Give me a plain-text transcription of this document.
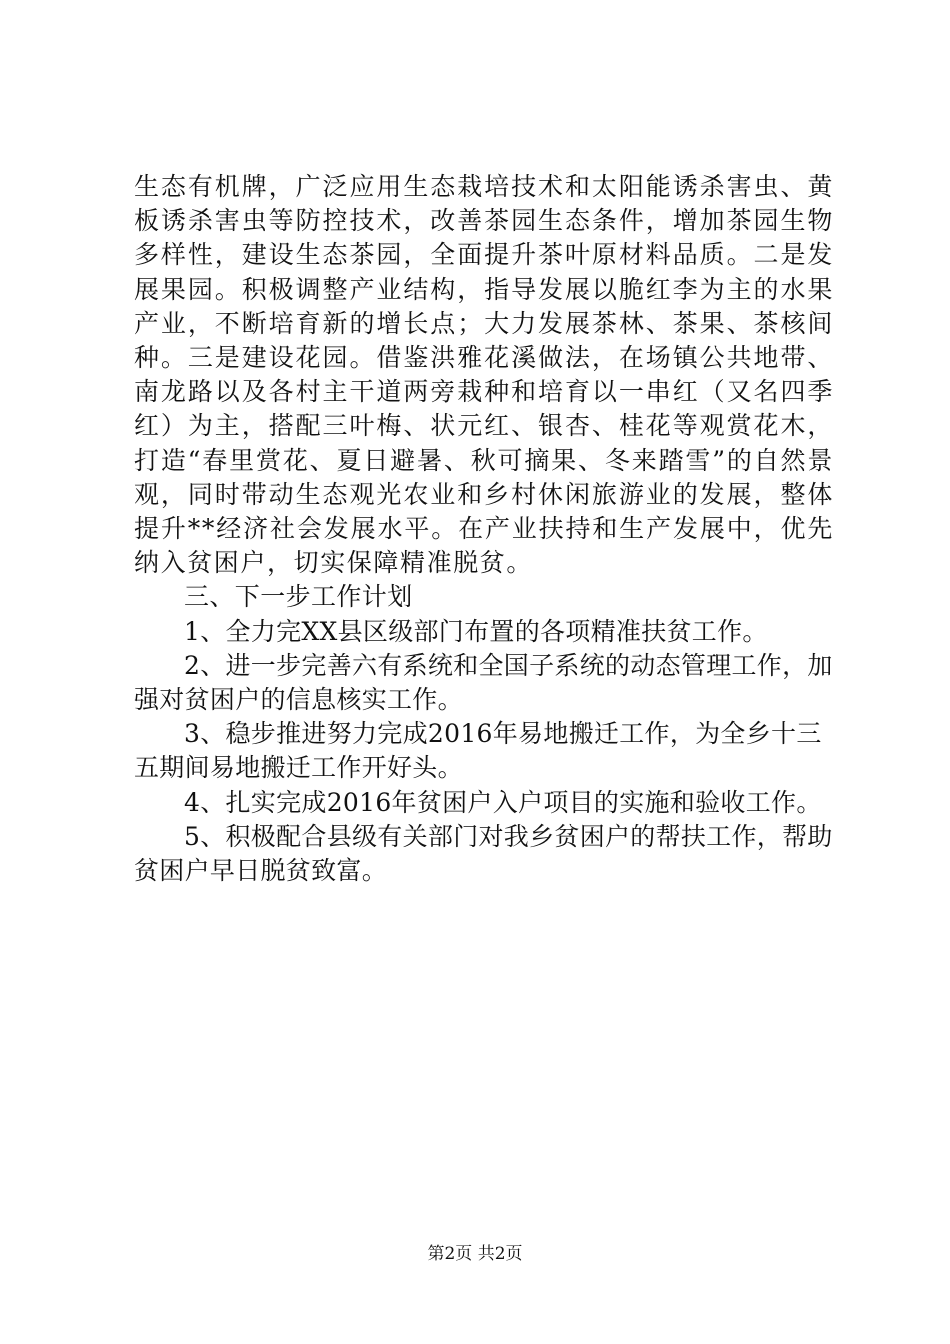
生态有机牌，广泛应用生态栽培技术和太阳能诱杀害虫、黄板诱杀害虫等防控技术，改善茶园生态条件，增加茶园生物多样性，建设生态茶园，全面提升茶叶原材料品质。二是发展果园。积极调整产业结构，指导发展以脆红李为主的水果产业，不断培育新的增长点；大力发展茶林、茶果、茶核间种。三是建设花园。借鉴洪雅花溪做法，在场镇公共地带、南龙路以及各村主干道两旁栽种和培育以一串红（又名四季红）为主，搭配三叶梅、状元红、银杏、桂花等观赏花木，打造“春里赏花、夏日避暑、秋可摘果、冬来踏雪”的自然景观，同时带动生态观光农业和乡村休闲旅游业的发展，整体提升**经济社会发展水平。在产业扶持和生产发展中，优先纳入贫困户，切实保障精准脱贫。

三、下一步工作计划

1、全力完XX县区级部门布置的各项精准扶贫工作。

2、进一步完善六有系统和全国子系统的动态管理工作，加强对贫困户的信息核实工作。

3、稳步推进努力完成2016年易地搬迁工作，为全乡十三五期间易地搬迁工作开好头。

4、扎实完成2016年贫困户入户项目的实施和验收工作。

5、积极配合县级有关部门对我乡贫困户的帮扶工作，帮助贫困户早日脱贫致富。

第2页 共2页
